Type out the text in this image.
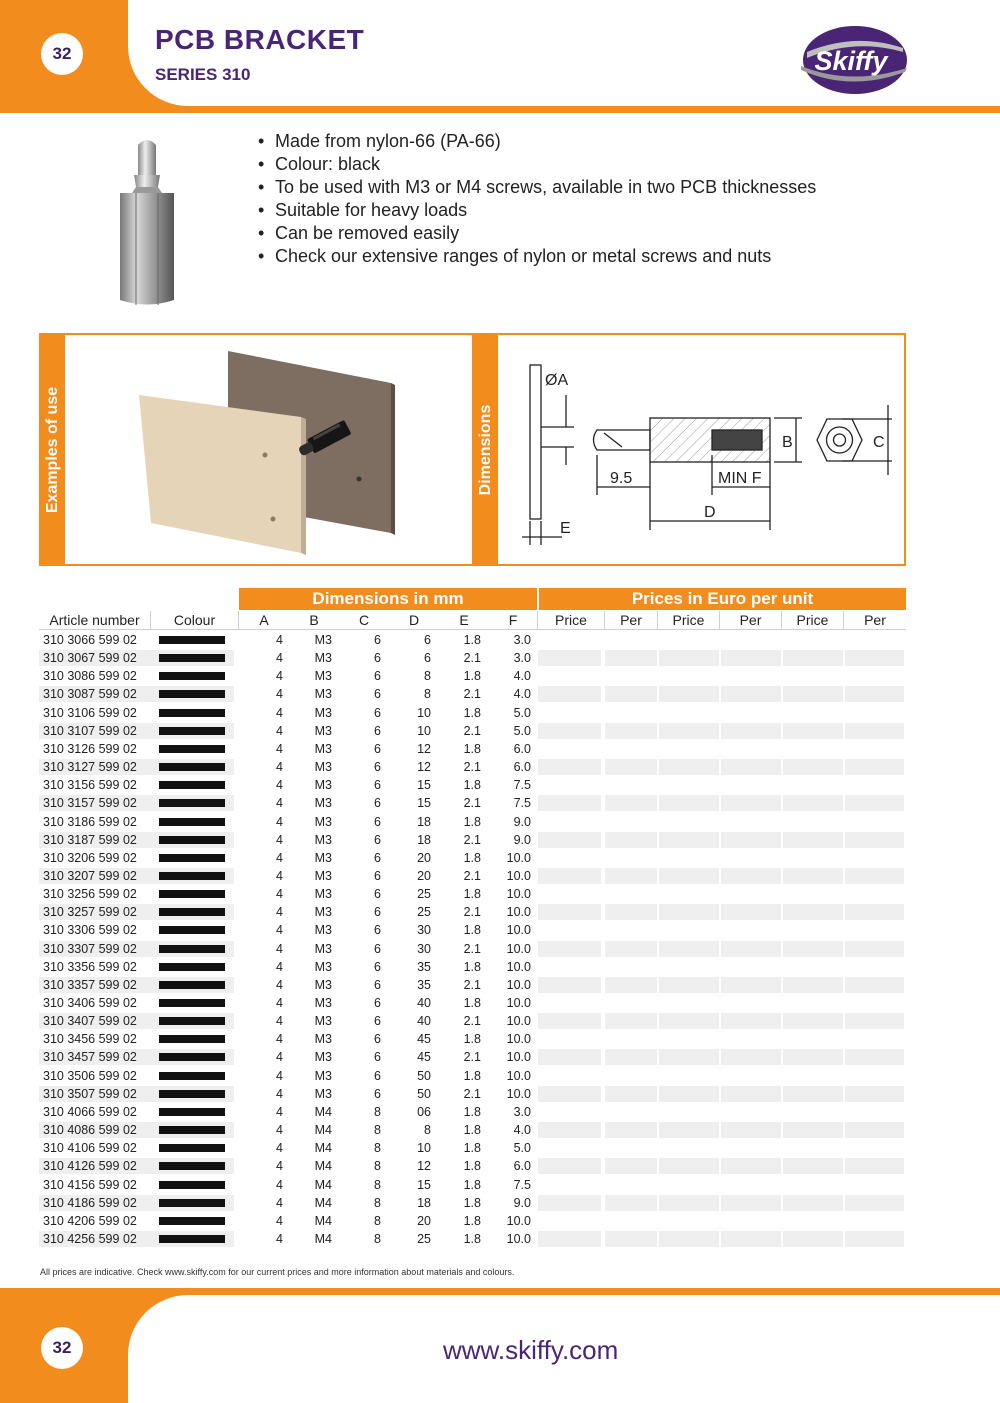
32	PCB BRACKET
SERIES 310	Skiffy
• Made from nylon-66 (PA-66)
• Colour: black
• To be used with M3 or M4 screws, available in two PCB thicknesses
• Suitable for heavy loads
• Can be removed easily
• Check our extensive ranges of nylon or metal screws and nuts
Examples of use	Dimensions
ØA
E
9.5	MIN F
D
B	C
Dimensions in mm	Prices in Euro per unit
Article number	Colour	A	B	C	D	E	F	Price	Per	Price	Per	Price	Per
310 3066 599 02	4	M3	6	6	1.8	3.0
310 3067 599 02	4	M3	6	6	2.1	3.0
310 3086 599 02	4	M3	6	8	1.8	4.0
310 3087 599 02	4	M3	6	8	2.1	4.0
310 3106 599 02	4	M3	6	10	1.8	5.0
310 3107 599 02	4	M3	6	10	2.1	5.0
310 3126 599 02	4	M3	6	12	1.8	6.0
310 3127 599 02	4	M3	6	12	2.1	6.0
310 3156 599 02	4	M3	6	15	1.8	7.5
310 3157 599 02	4	M3	6	15	2.1	7.5
310 3186 599 02	4	M3	6	18	1.8	9.0
310 3187 599 02	4	M3	6	18	2.1	9.0
310 3206 599 02	4	M3	6	20	1.8 10.0
310 3207 599 02	4	M3	6	20	2.1 10.0
310 3256 599 02	4	M3	6	25	1.8 10.0
310 3257 599 02	4	M3	6	25	2.1 10.0
310 3306 599 02	4	M3	6	30	1.8 10.0
310 3307 599 02	4	M3	6	30	2.1 10.0
310 3356 599 02	4	M3	6	35	1.8 10.0
310 3357 599 02	4	M3	6	35	2.1 10.0
310 3406 599 02	4	M3	6	40	1.8 10.0
310 3407 599 02	4	M3	6	40	2.1 10.0
310 3456 599 02	4	M3	6	45	1.8 10.0
310 3457 599 02	4	M3	6	45	2.1 10.0
310 3506 599 02	4	M3	6	50	1.8 10.0
310 3507 599 02	4	M3	6	50	2.1 10.0
310 4066 599 02	4	M4	8	06	1.8	3.0
310 4086 599 02	4	M4	8	8	1.8	4.0
310 4106 599 02	4	M4	8	10	1.8	5.0
310 4126 599 02	4	M4	8	12	1.8	6.0
310 4156 599 02	4	M4	8	15	1.8	7.5
310 4186 599 02	4	M4	8	18	1.8	9.0
310 4206 599 02	4	M4	8	20	1.8 10.0
310 4256 599 02	4	M4	8	25	1.8 10.0
All prices are indicative. Check www.skiffy.com for our current prices and more information about materials and colours.
32	www.skiffy.com
